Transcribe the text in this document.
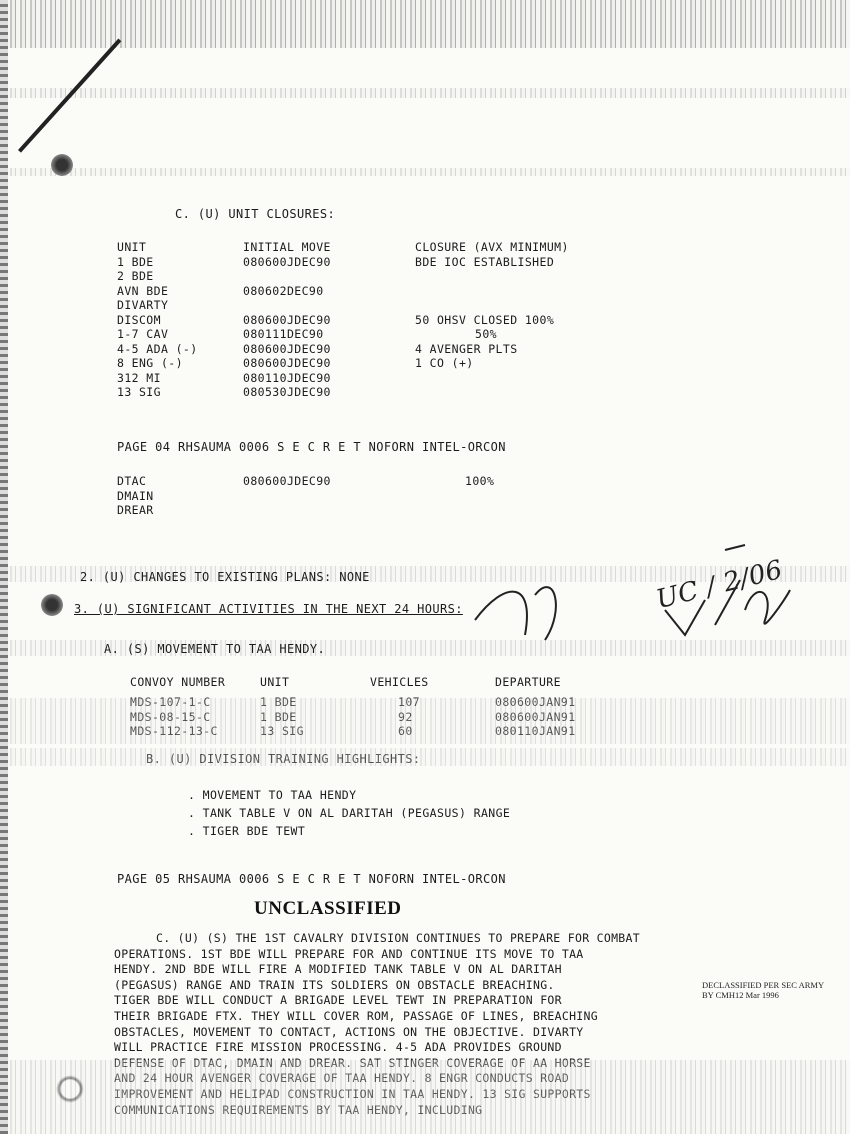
C. (U) UNIT CLOSURES:
UNIT	INITIAL MOVE	CLOSURE (AVX MINIMUM)
1 BDE	080600JDEC90	BDE IOC ESTABLISHED
2 BDE		
AVN BDE	080602DEC90	
DIVARTY		
DISCOM	080600JDEC90	50 OHSV CLOSED 100%
1-7 CAV	080111DEC90	50%
4-5 ADA (-)	080600JDEC90	4 AVENGER PLTS
8 ENG (-)	080600JDEC90	1 CO (+)
312 MI	080110JDEC90	
13 SIG	080530JDEC90	
PAGE 04 RHSAUMA 0006 S E C R E T NOFORN INTEL-ORCON
DTAC	080600JDEC90	100%
DMAIN		
DREAR		
2. (U) CHANGES TO EXISTING PLANS: NONE
3. (U) SIGNIFICANT ACTIVITIES IN THE NEXT 24 HOURS:
A. (S) MOVEMENT TO TAA HENDY.
UC / 2/06
CONVOY NUMBER	UNIT	VEHICLES	DEPARTURE
MDS-107-1-C	1 BDE	107	080600JAN91
MDS-08-15-C	1 BDE	92	080600JAN91
MDS-112-13-C	13 SIG	60	080110JAN91
B. (U) DIVISION TRAINING HIGHLIGHTS:
. MOVEMENT TO TAA HENDY
. TANK TABLE V ON AL DARITAH (PEGASUS) RANGE
. TIGER BDE TEWT
PAGE 05 RHSAUMA 0006 S E C R E T NOFORN INTEL-ORCON
UNCLASSIFIED
C. (U) (S) THE 1ST CAVALRY DIVISION CONTINUES TO PREPARE FOR COMBAT
OPERATIONS. 1ST BDE WILL PREPARE FOR AND CONTINUE ITS MOVE TO TAA
HENDY. 2ND BDE WILL FIRE A MODIFIED TANK TABLE V ON AL DARITAH
(PEGASUS) RANGE AND TRAIN ITS SOLDIERS ON OBSTACLE BREACHING.
TIGER BDE WILL CONDUCT A BRIGADE LEVEL TEWT IN PREPARATION FOR
THEIR BRIGADE FTX. THEY WILL COVER ROM, PASSAGE OF LINES, BREACHING
OBSTACLES, MOVEMENT TO CONTACT, ACTIONS ON THE OBJECTIVE. DIVARTY
WILL PRACTICE FIRE MISSION PROCESSING. 4-5 ADA PROVIDES GROUND
DEFENSE OF DTAC, DMAIN AND DREAR. SAT STINGER COVERAGE OF AA HORSE
AND 24 HOUR AVENGER COVERAGE OF TAA HENDY. 8 ENGR CONDUCTS ROAD
IMPROVEMENT AND HELIPAD CONSTRUCTION IN TAA HENDY. 13 SIG SUPPORTS
COMMUNICATIONS REQUIREMENTS BY TAA HENDY, INCLUDING
DECLASSIFIED PER SEC ARMY
BY CMH12 Mar 1996
